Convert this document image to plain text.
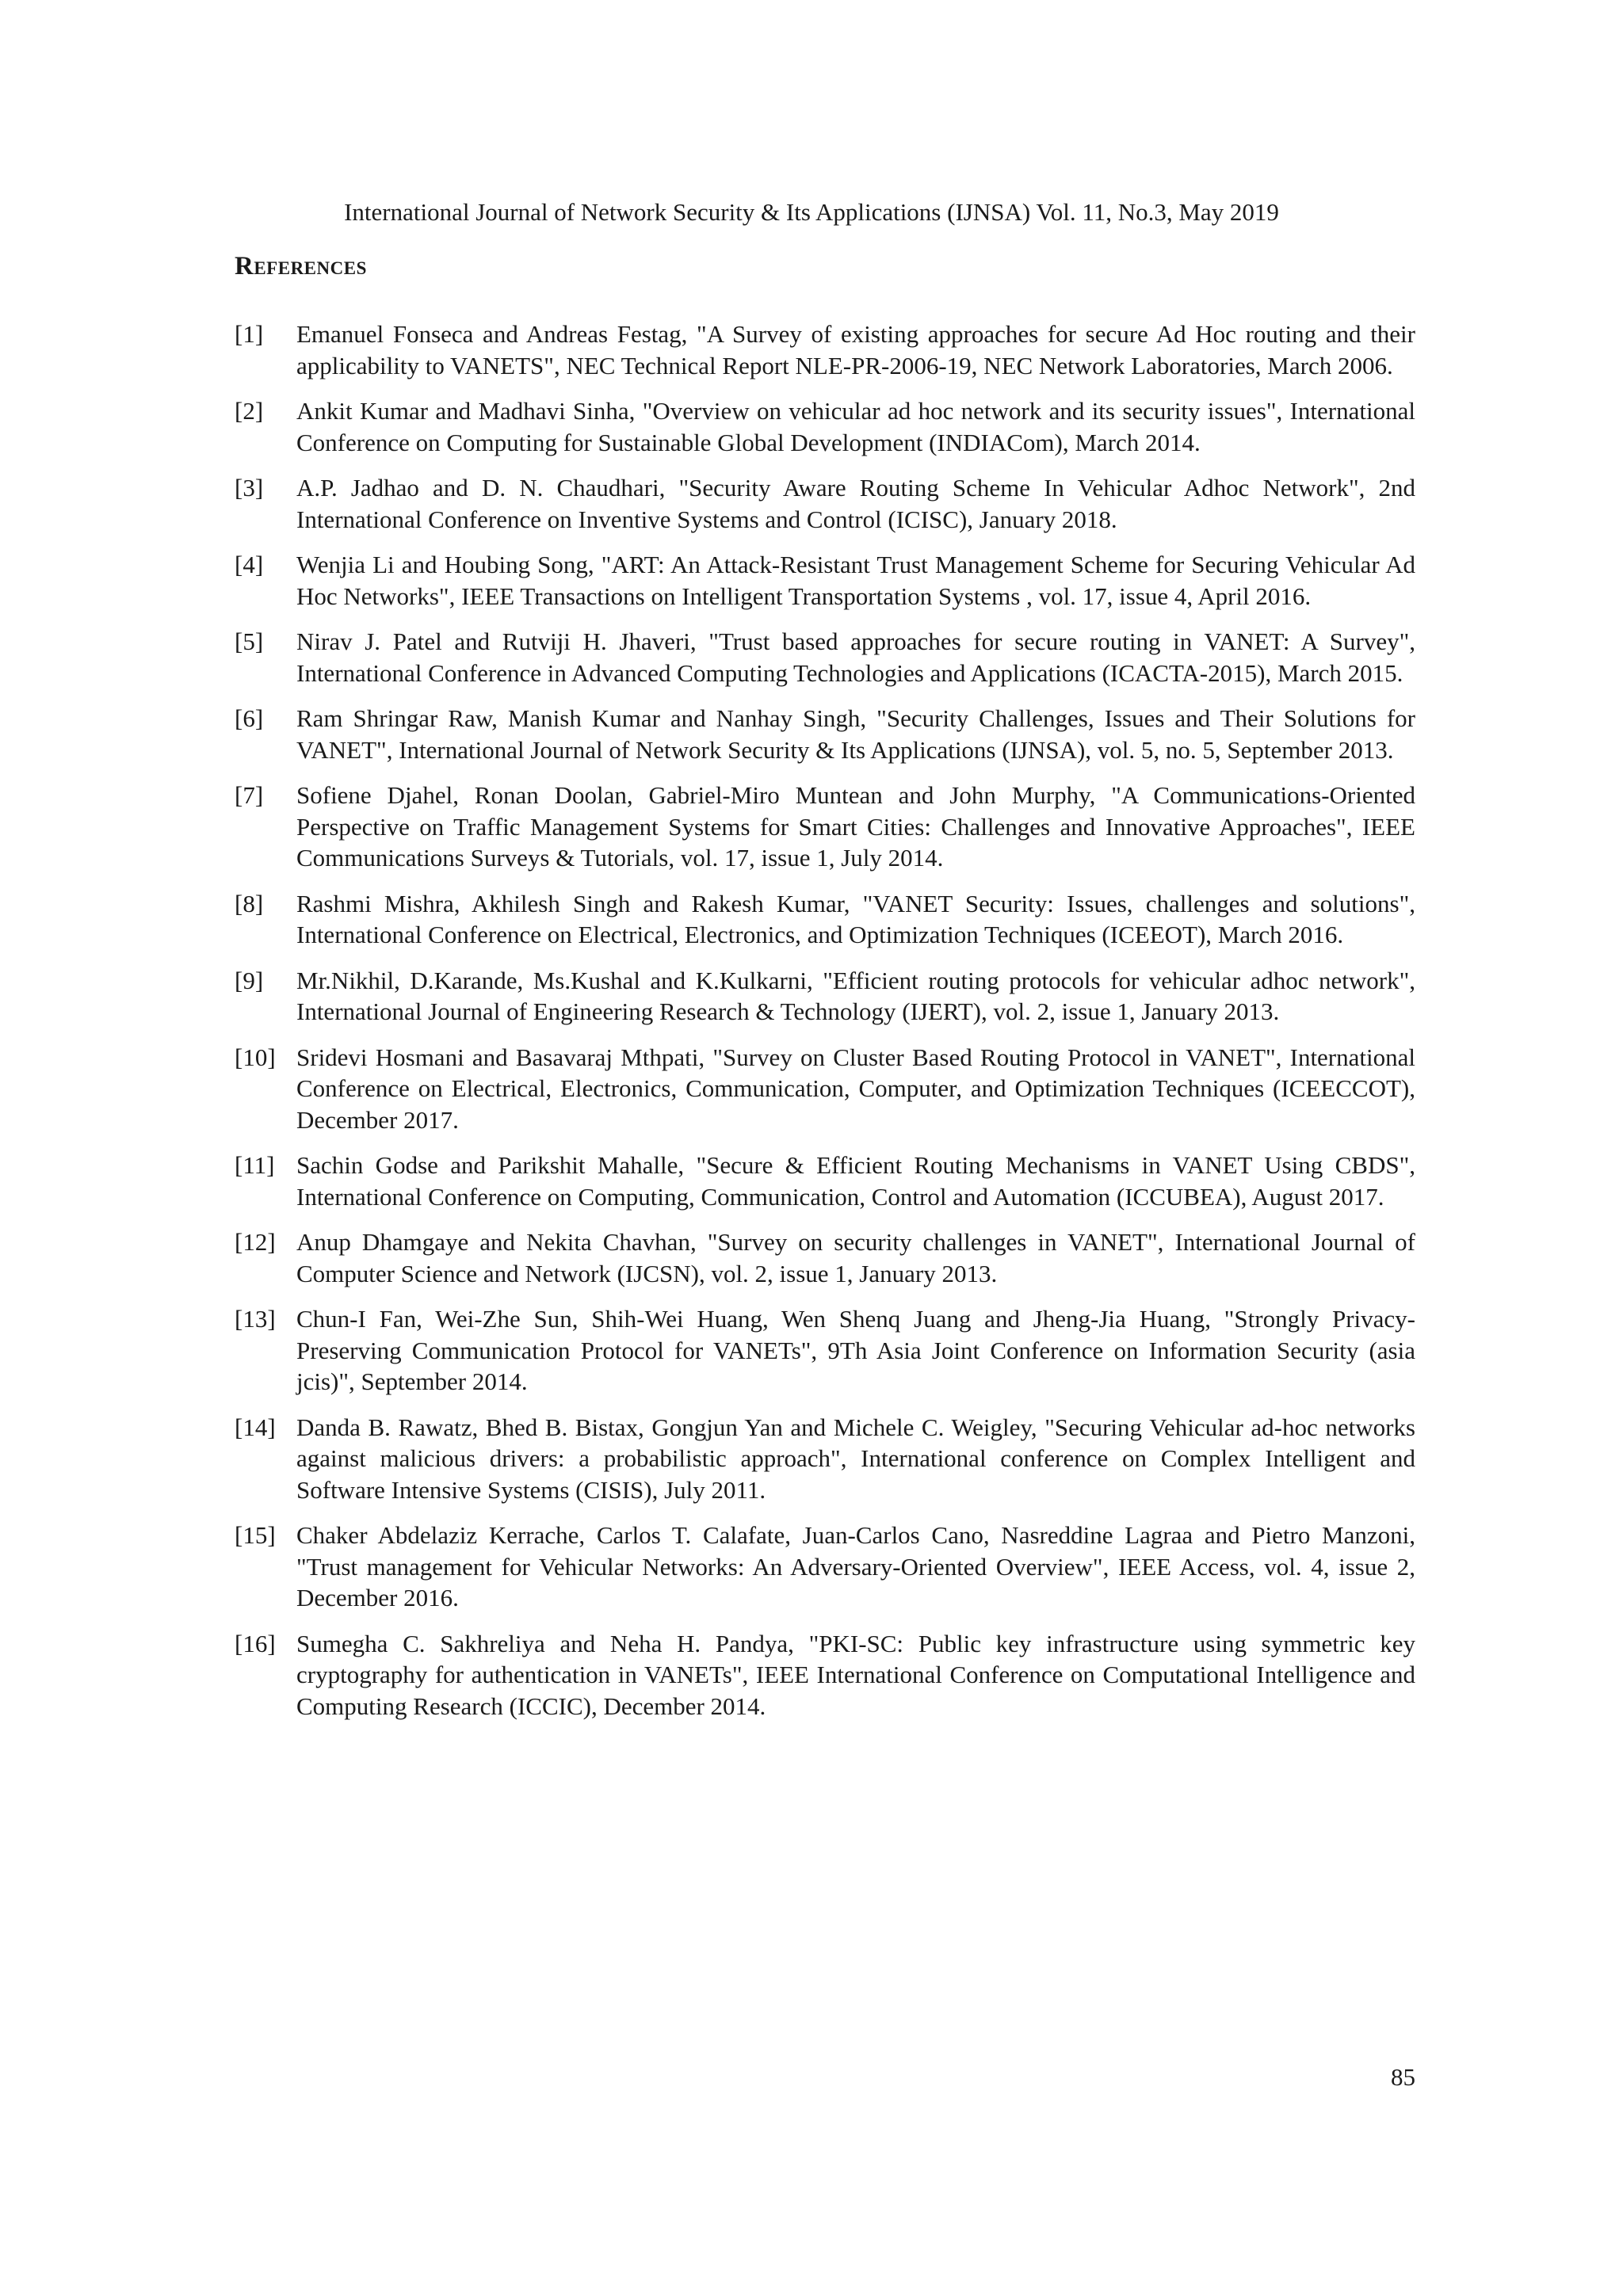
International Journal of Network Security & Its Applications (IJNSA) Vol. 11, No.3, May 2019
References
[1]	Emanuel Fonseca and Andreas Festag, "A Survey of existing approaches for secure Ad Hoc routing and their applicability to VANETS", NEC Technical Report NLE-PR-2006-19, NEC Network Laboratories, March 2006.
[2]	Ankit Kumar and Madhavi Sinha, "Overview on vehicular ad hoc network and its security issues", International Conference on Computing for Sustainable Global Development (INDIACom), March 2014.
[3]	A.P. Jadhao and D. N. Chaudhari, "Security Aware Routing Scheme In Vehicular Adhoc Network", 2nd International Conference on Inventive Systems and Control (ICISC), January 2018.
[4]	Wenjia Li and Houbing Song, "ART: An Attack-Resistant Trust Management Scheme for Securing Vehicular Ad Hoc Networks", IEEE Transactions on Intelligent Transportation Systems , vol. 17, issue 4, April 2016.
[5]	Nirav J. Patel and Rutviji H. Jhaveri, "Trust based approaches for secure routing in VANET: A Survey", International Conference in Advanced Computing Technologies and Applications (ICACTA-2015), March 2015.
[6]	Ram Shringar Raw, Manish Kumar and Nanhay Singh, "Security Challenges, Issues and Their Solutions for VANET", International Journal of Network Security & Its Applications (IJNSA), vol. 5, no. 5, September 2013.
[7]	Sofiene Djahel, Ronan Doolan, Gabriel-Miro Muntean and John Murphy, "A Communications-Oriented Perspective on Traffic Management Systems for Smart Cities: Challenges and Innovative Approaches", IEEE Communications Surveys & Tutorials, vol. 17, issue 1, July 2014.
[8]	Rashmi Mishra, Akhilesh Singh and Rakesh Kumar, "VANET Security: Issues, challenges and solutions", International Conference on Electrical, Electronics, and Optimization Techniques (ICEEOT), March 2016.
[9]	Mr.Nikhil, D.Karande, Ms.Kushal and K.Kulkarni, "Efficient routing protocols for vehicular adhoc network", International Journal of Engineering Research & Technology (IJERT), vol. 2, issue 1, January 2013.
[10] Sridevi Hosmani and Basavaraj Mthpati, "Survey on Cluster Based Routing Protocol in VANET", International Conference on Electrical, Electronics, Communication, Computer, and Optimization Techniques (ICEECCOT), December 2017.
[11] Sachin Godse and Parikshit Mahalle, "Secure & Efficient Routing Mechanisms in VANET Using CBDS", International Conference on Computing, Communication, Control and Automation (ICCUBEA), August 2017.
[12] Anup Dhamgaye and Nekita Chavhan, "Survey on security challenges in VANET", International Journal of Computer Science and Network (IJCSN), vol. 2, issue 1, January 2013.
[13] Chun-I Fan, Wei-Zhe Sun, Shih-Wei Huang, Wen Shenq Juang and Jheng-Jia Huang, "Strongly Privacy-Preserving Communication Protocol for VANETs", 9Th Asia Joint Conference on Information Security (asia jcis)", September 2014.
[14] Danda B. Rawatz, Bhed B. Bistax, Gongjun Yan and Michele C. Weigley, "Securing Vehicular ad-hoc networks against malicious drivers: a probabilistic approach", International conference on Complex Intelligent and Software Intensive Systems (CISIS), July 2011.
[15] Chaker Abdelaziz Kerrache, Carlos T. Calafate, Juan-Carlos Cano, Nasreddine Lagraa and Pietro Manzoni, "Trust management for Vehicular Networks: An Adversary-Oriented Overview", IEEE Access, vol. 4, issue 2, December 2016.
[16] Sumegha C. Sakhreliya and Neha H. Pandya, "PKI-SC: Public key infrastructure using symmetric key cryptography for authentication in VANETs", IEEE International Conference on Computational Intelligence and Computing Research (ICCIC), December 2014.
85
